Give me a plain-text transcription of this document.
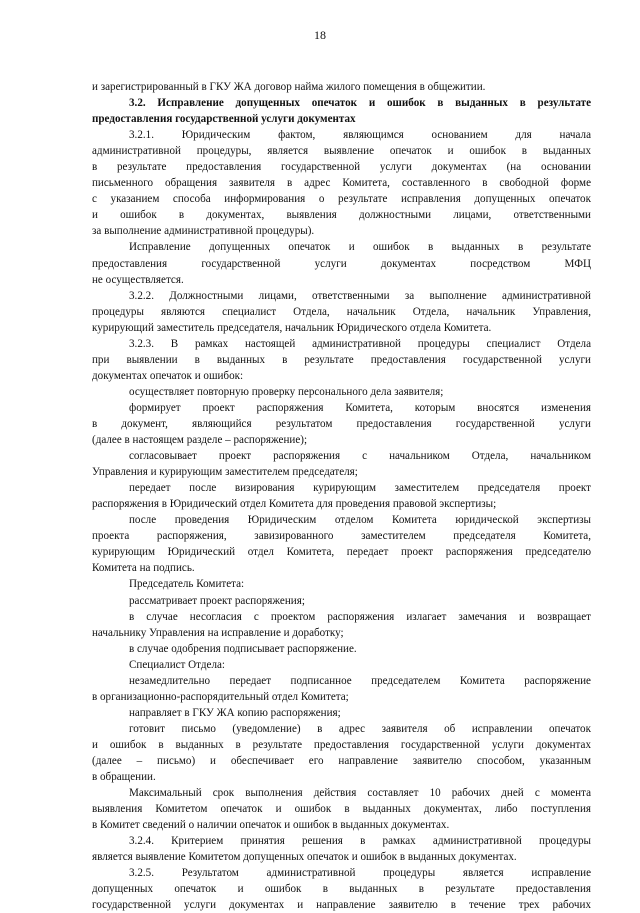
18
и зарегистрированный в ГКУ ЖА договор найма жилого помещения в общежитии.
3.2. Исправление допущенных опечаток и ошибок в выданных в результате
предоставления государственной услуги документах
3.2.1. Юридическим фактом, являющимся основанием для начала
административной процедуры, является выявление опечаток и ошибок в выданных
в результате предоставления государственной услуги документах (на основании
письменного обращения заявителя в адрес Комитета, составленного в свободной форме
с указанием способа информирования о результате исправления допущенных опечаток
и ошибок в документах, выявления должностными лицами, ответственными
за выполнение административной процедуры).
Исправление допущенных опечаток и ошибок в выданных в результате
предоставления государственной услуги документах посредством МФЦ
не осуществляется.
3.2.2. Должностными лицами, ответственными за выполнение административной
процедуры являются специалист Отдела, начальник Отдела, начальник Управления,
курирующий заместитель председателя, начальник Юридического отдела Комитета.
3.2.3. В рамках настоящей административной процедуры специалист Отдела
при выявлении в выданных в результате предоставления государственной услуги
документах опечаток и ошибок:
осуществляет повторную проверку персонального дела заявителя;
формирует проект распоряжения Комитета, которым вносятся изменения
в документ, являющийся результатом предоставления государственной услуги
(далее в настоящем разделе – распоряжение);
согласовывает проект распоряжения с начальником Отдела, начальником
Управления и курирующим заместителем председателя;
передает после визирования курирующим заместителем председателя проект
распоряжения в Юридический отдел Комитета для проведения правовой экспертизы;
после проведения Юридическим отделом Комитета юридической экспертизы
проекта распоряжения, завизированного заместителем председателя Комитета,
курирующим Юридический отдел Комитета, передает проект распоряжения председателю
Комитета на подпись.
Председатель Комитета:
рассматривает проект распоряжения;
в случае несогласия с проектом распоряжения излагает замечания и возвращает
начальнику Управления на исправление и доработку;
в случае одобрения подписывает распоряжение.
Специалист Отдела:
незамедлительно передает подписанное председателем Комитета распоряжение
в организационно-распорядительный отдел Комитета;
направляет в ГКУ ЖА копию распоряжения;
готовит письмо (уведомление) в адрес заявителя об исправлении опечаток
и ошибок в выданных в результате предоставления государственной услуги документах
(далее – письмо) и обеспечивает его направление заявителю способом, указанным
в обращении.
Максимальный срок выполнения действия составляет 10 рабочих дней с момента
выявления Комитетом опечаток и ошибок в выданных документах, либо поступления
в Комитет сведений о наличии опечаток и ошибок в выданных документах.
3.2.4. Критерием принятия решения в рамках административной процедуры
является выявление Комитетом допущенных опечаток и ошибок в выданных документах.
3.2.5. Результатом административной процедуры является исправление
допущенных опечаток и ошибок в выданных в результате предоставления
государственной услуги документах и направление заявителю в течение трех рабочих
